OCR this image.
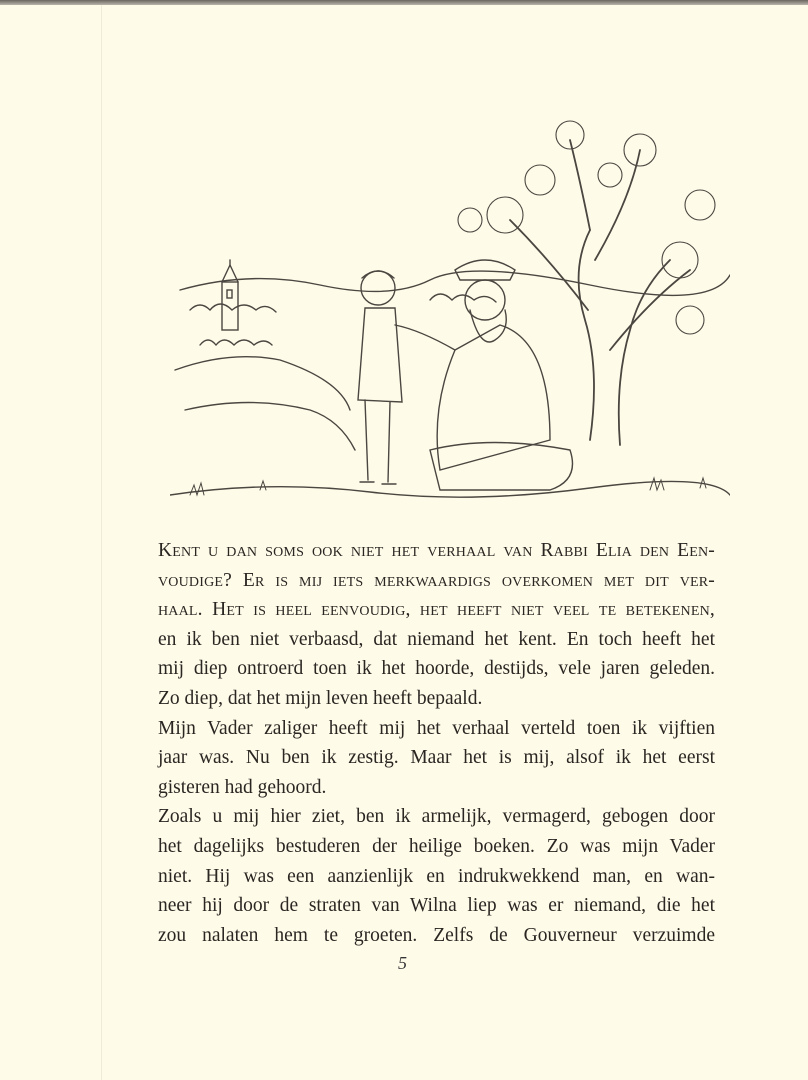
Kent u dan soms ook niet het verhaal van Rabbi Elia den Een-
voudige? Er is mij iets merkwaardigs overkomen met dit ver-
haal. Het is heel eenvoudig, het heeft niet veel te betekenen,
en ik ben niet verbaasd, dat niemand het kent. En toch heeft het
mij diep ontroerd toen ik het hoorde, destijds, vele jaren geleden.
Zo diep, dat het mijn leven heeft bepaald.
Mijn Vader zaliger heeft mij het verhaal verteld toen ik vijftien
jaar was. Nu ben ik zestig. Maar het is mij, alsof ik het eerst
gisteren had gehoord.
Zoals u mij hier ziet, ben ik armelijk, vermagerd, gebogen door
het dagelijks bestuderen der heilige boeken. Zo was mijn Vader
niet. Hij was een aanzienlijk en indrukwekkend man, en wan-
neer hij door de straten van Wilna liep was er niemand, die het
zou nalaten hem te groeten. Zelfs de Gouverneur verzuimde
5
